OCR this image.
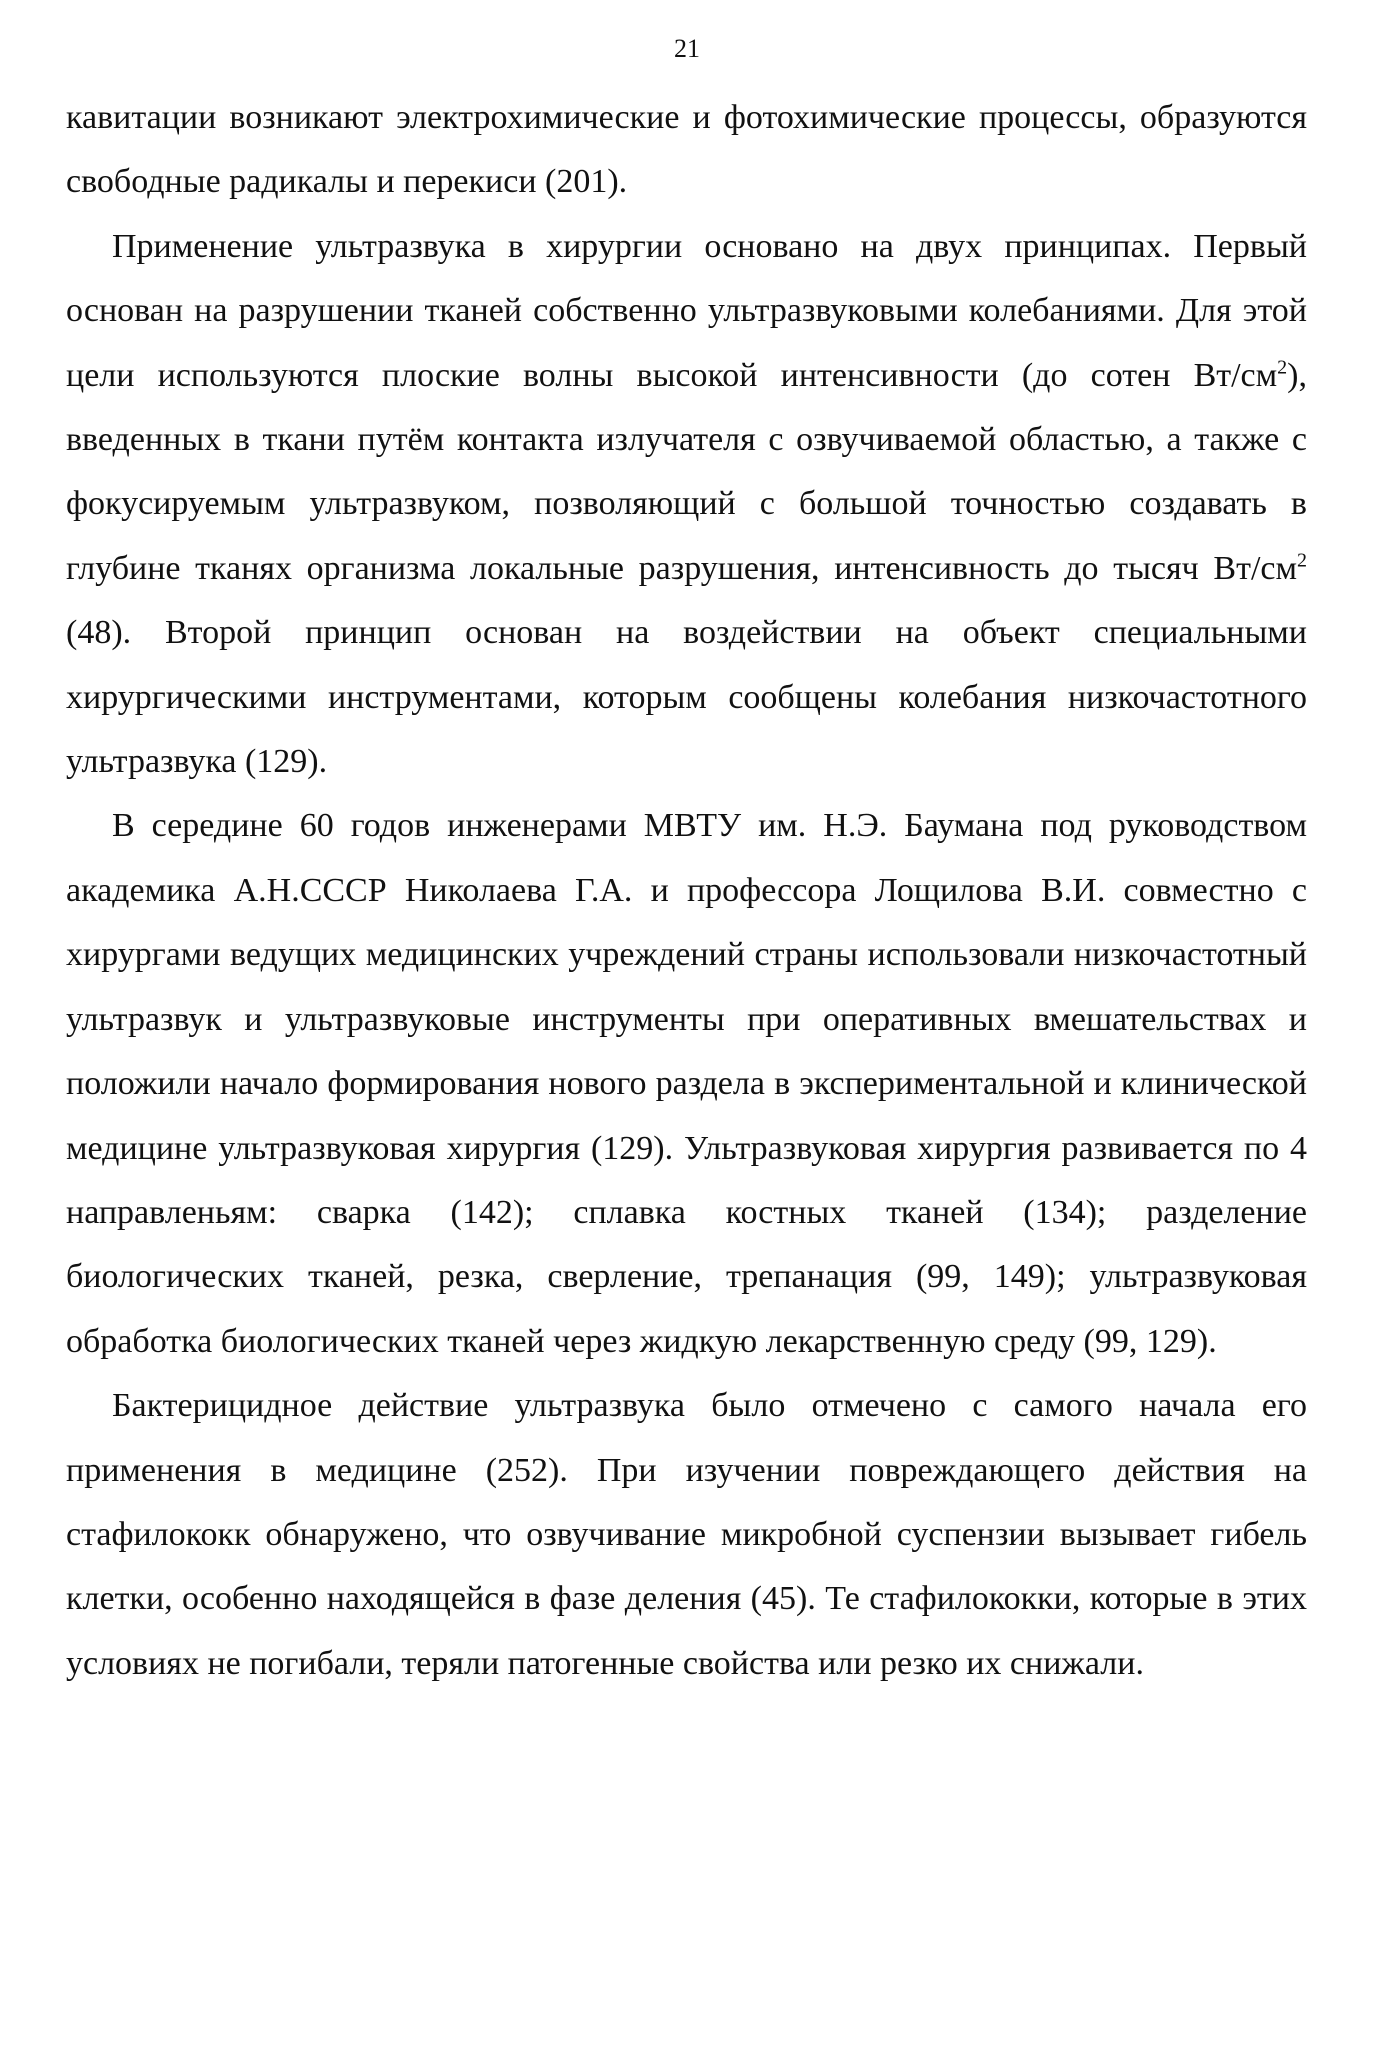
21

кавитации возникают электрохимические и фотохимические процессы, образуются свободные радикалы и перекиси (201).

Применение ультразвука в хирургии основано на двух принципах. Первый основан на разрушении тканей собственно ультразвуковыми колебаниями. Для этой цели используются плоские волны высокой интенсивности (до сотен $Вт/см^2$), введенных в ткани путём контакта излучателя с озвучиваемой областью, а также с фокусируемым ультразвуком, позволяющий с большой точностью создавать в глубине тканях организма локальные разрушения, интенсивность до тысяч $Вт/см^2$ (48). Второй принцип основан на воздействии на объект специальными хирургическими инструментами, которым сообщены колебания низкочастотного ультразвука (129).

В середине 60 годов инженерами МВТУ им. Н.Э. Баумана под руководством академика А.Н.СССР Николаева Г.А. и профессора Лощилова В.И. совместно с хирургами ведущих медицинских учреждений страны использовали низкочастотный ультразвук и ультразвуковые инструменты при оперативных вмешательствах и положили начало формирования нового раздела в экспериментальной и клинической медицине ультразвуковая хирургия (129). Ультразвуковая хирургия развивается по 4 направленьям: сварка (142); сплавка костных тканей (134); разделение биологических тканей, резка, сверление, трепанация (99, 149); ультразвуковая обработка биологических тканей через жидкую лекарственную среду (99, 129).

Бактерицидное действие ультразвука было отмечено с самого начала его применения в медицине (252). При изучении повреждающего действия на стафилококк обнаружено, что озвучивание микробной суспензии вызывает гибель клетки, особенно находящейся в фазе деления (45). Те стафилококки, которые в этих условиях не погибали, теряли патогенные свойства или резко их снижали.
